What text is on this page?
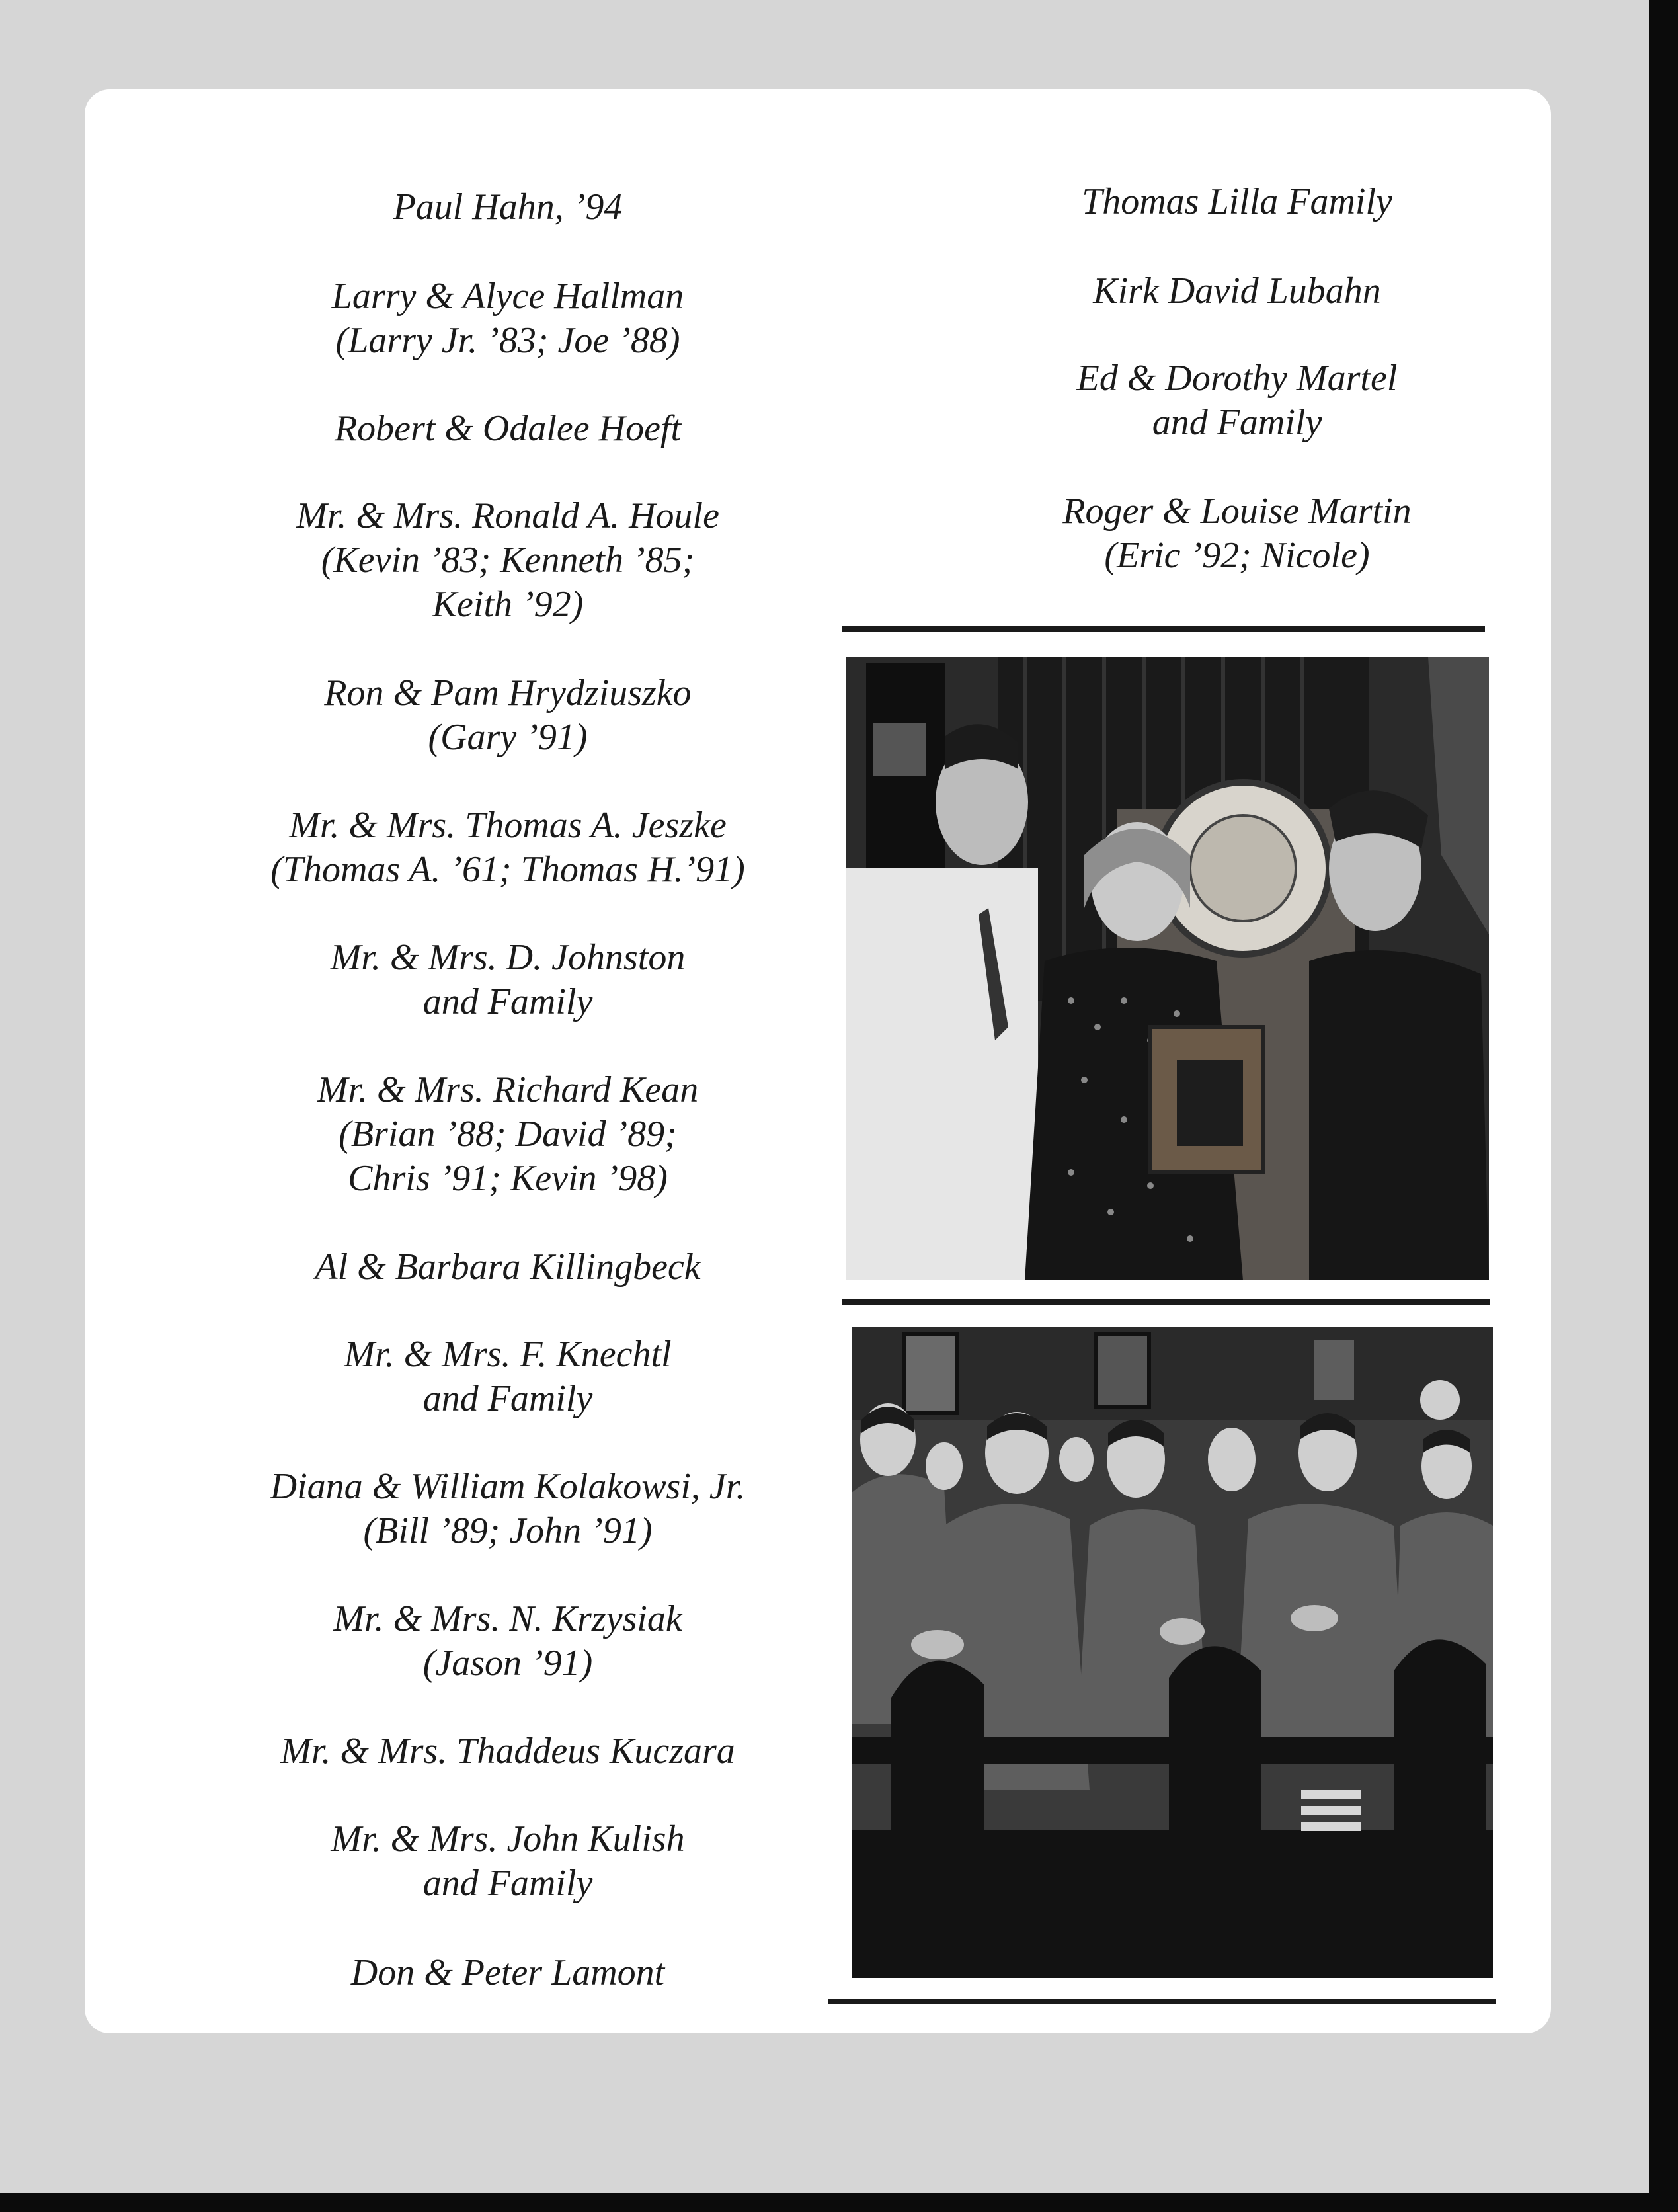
Paul Hahn, ’94
Larry & Alyce Hallman
(Larry Jr. ’83; Joe ’88)
Robert & Odalee Hoeft
Mr. & Mrs. Ronald A. Houle
(Kevin ’83; Kenneth ’85;
Keith ’92)
Ron & Pam Hrydziuszko
(Gary ’91)
Mr. & Mrs. Thomas A. Jeszke
(Thomas A. ’61; Thomas H.’91)
Mr. & Mrs. D. Johnston
and Family
Mr. & Mrs. Richard Kean
(Brian ’88; David ’89;
Chris ’91; Kevin ’98)
Al & Barbara Killingbeck
Mr. & Mrs. F. Knechtl
and Family
Diana & William Kolakowsi, Jr.
(Bill ’89; John ’91)
Mr. & Mrs. N. Krzysiak
(Jason ’91)
Mr. & Mrs. Thaddeus Kuczara
Mr. & Mrs. John Kulish
and Family
Don & Peter Lamont
Thomas Lilla Family
Kirk David Lubahn
Ed & Dorothy Martel
and Family
Roger & Louise Martin
(Eric ’92; Nicole)
